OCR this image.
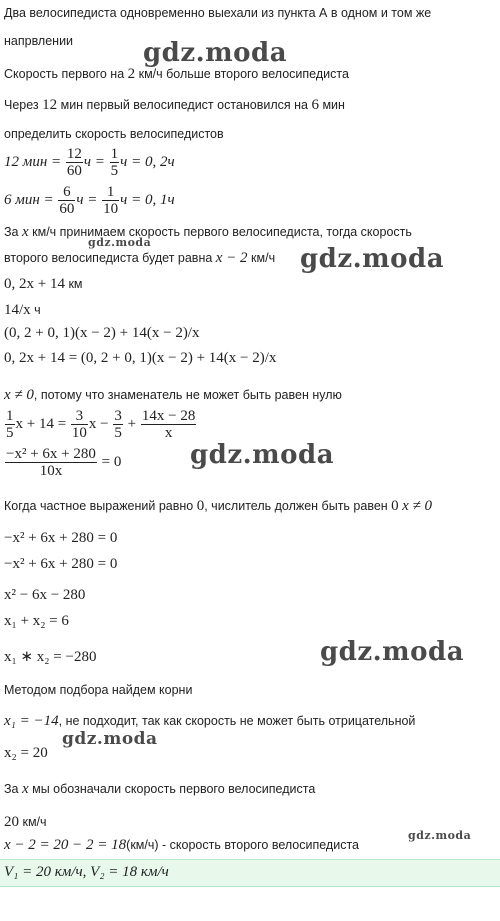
Два велосипедиста одновременно выехали из пункта А в одном и том же
напрвлении
Скорость первого на 2 км/ч больше второго велосипедиста
Через 12 мин первый велосипедист остановился на 6 мин
определить скорость велосипедистов
12 мин = $\frac{12}{60}$ $ч = \frac{1}{5}$ ч = 0, 2ч
6 мин = $\frac{6}{60}$ $ч = \frac{1}{10}$ ч = 0, 1ч
За x км/ч принимаем скорость первого велосипедиста, тогда скорость
второго велосипедиста будет равна x − 2 км/ч
0, 2x + 14 км
14/x ч
(0, 2 + 0, 1)(x − 2) + 14(x − 2)/x
0, 2x + 14 = (0, 2 + 0, 1)(x − 2) + 14(x − 2)/x
x ≠ 0, потому что знаменатель не может быть равен нулю
$\frac{1}{5}$ $x + 14 = \frac{3}{10}$ $x - \frac{3}{5} + \frac{14x - 28}{x}$
$\frac{\text{−x² + 6x + 280}}{10x} = 0$
Когда частное выражений равно 0, числитель должен быть равен 0 x ≠ 0
−x² + 6x + 280 = 0
−x² + 6x + 280 = 0
x² − 6x − 280
x₁ + x₂ = 6
x₁ ∗ x₂ = −280
Методом подбора найдем корни
x₁ = −14, не подходит, так как скорость не может быть отрицательной
x₂ = 20
За x мы обозначали скорость первого велосипедиста
20 км/ч
x − 2 = 20 − 2 = 18(км/ч) - скорость второго велосипедиста
V₁ = 20 км/ч, V₂ = 18 км/ч
gdz.moda
gdz.moda
gdz.moda
gdz.moda
gdz.moda
gdz.moda
gdz.moda
